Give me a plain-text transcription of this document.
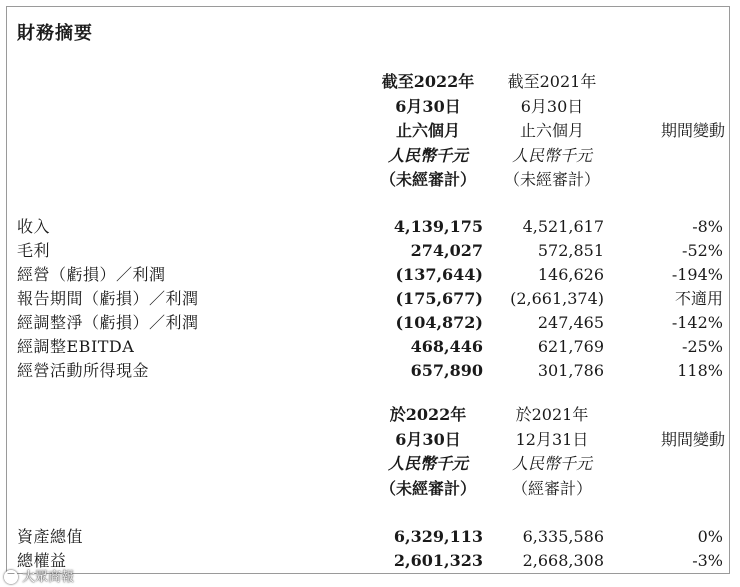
財務摘要
截至2022年
6月30日
止六個月
人民幣千元
（未經審計）
截至2021年
6月30日
止六個月
人民幣千元
（未經審計）
期間變動
收入	4,139,175 4,521,617	-8%
毛利	274,027	572,851	-52%
經營（虧損）／利潤	(137,644)	146,626	-194%
報告期間（虧損）／利潤	(175,677) (2,661,374)	不適用
經調整淨（虧損）／利潤	(104,872)	247,465	-142%
經調整EBITDA	468,446	621,769	-25%
經營活動所得現金	657,890	301,786	118%
於2022年
6月30日
人民幣千元
（未經審計）
於2021年
12月31日
人民幣千元
（經審計）
期間變動
資產總值	6,329,113 6,335,586	0%
總權益	2,601,323 2,668,308	-3%
大眾商報
